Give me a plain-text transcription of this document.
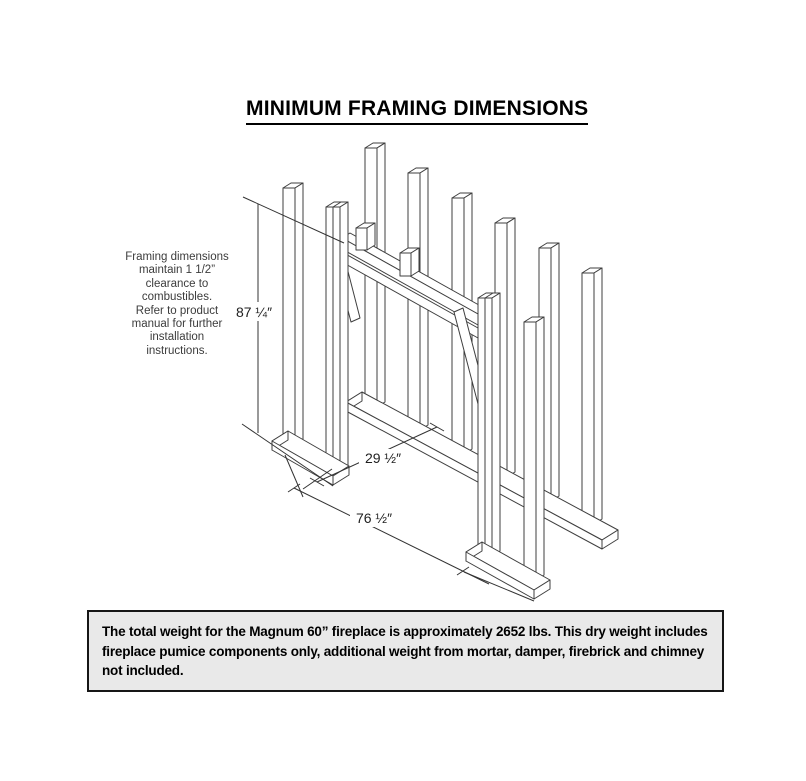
MINIMUM FRAMING DIMENSIONS
Framing dimensions
maintain 1 1/2”
clearance to
combustibles.
Refer to product
manual for further
installation
instructions.
87 ¼″
29 ½″
76 ½″

The total weight for the Magnum 60” fireplace is approximately 2652 lbs. This dry weight includes fireplace pumice components only, additional weight from mortar, damper, firebrick and chimney not included.
